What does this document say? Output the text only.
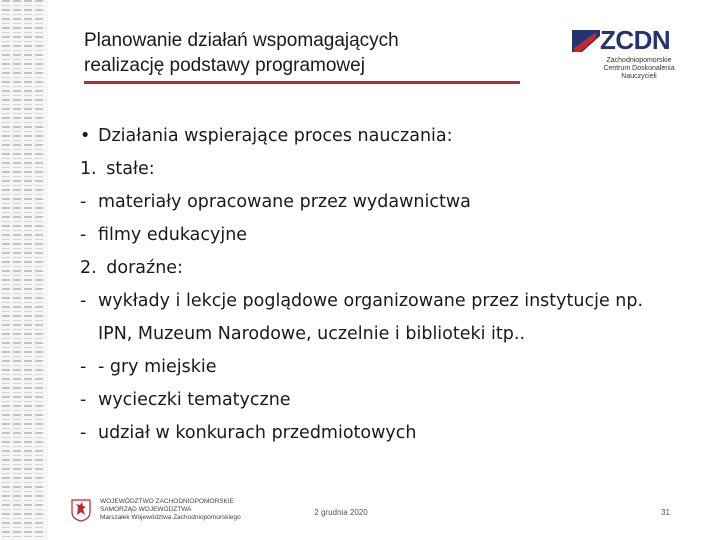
Planowanie działań wspomagających
realizację podstawy programowej
ZCDN
Zachodniopomorskie
Centrum Doskonalenia Nauczycieli
• Działania wspierające proces nauczania:
1. stałe:
- materiały opracowane przez wydawnictwa
- filmy edukacyjne
2. doraźne:
- wykłady i lekcje poglądowe organizowane przez instytucje np. IPN, Muzeum Narodowe, uczelnie i biblioteki itp..
- - gry miejskie
- wycieczki tematyczne
- udział w konkurach przedmiotowych
WOJEWÓDZTWO ZACHODNIOPOMORSKIE
SAMORZĄD WOJEWÓDZTWA
Marszałek Województwa Zachodniopomorskiego
2 grudnia 2020	31
